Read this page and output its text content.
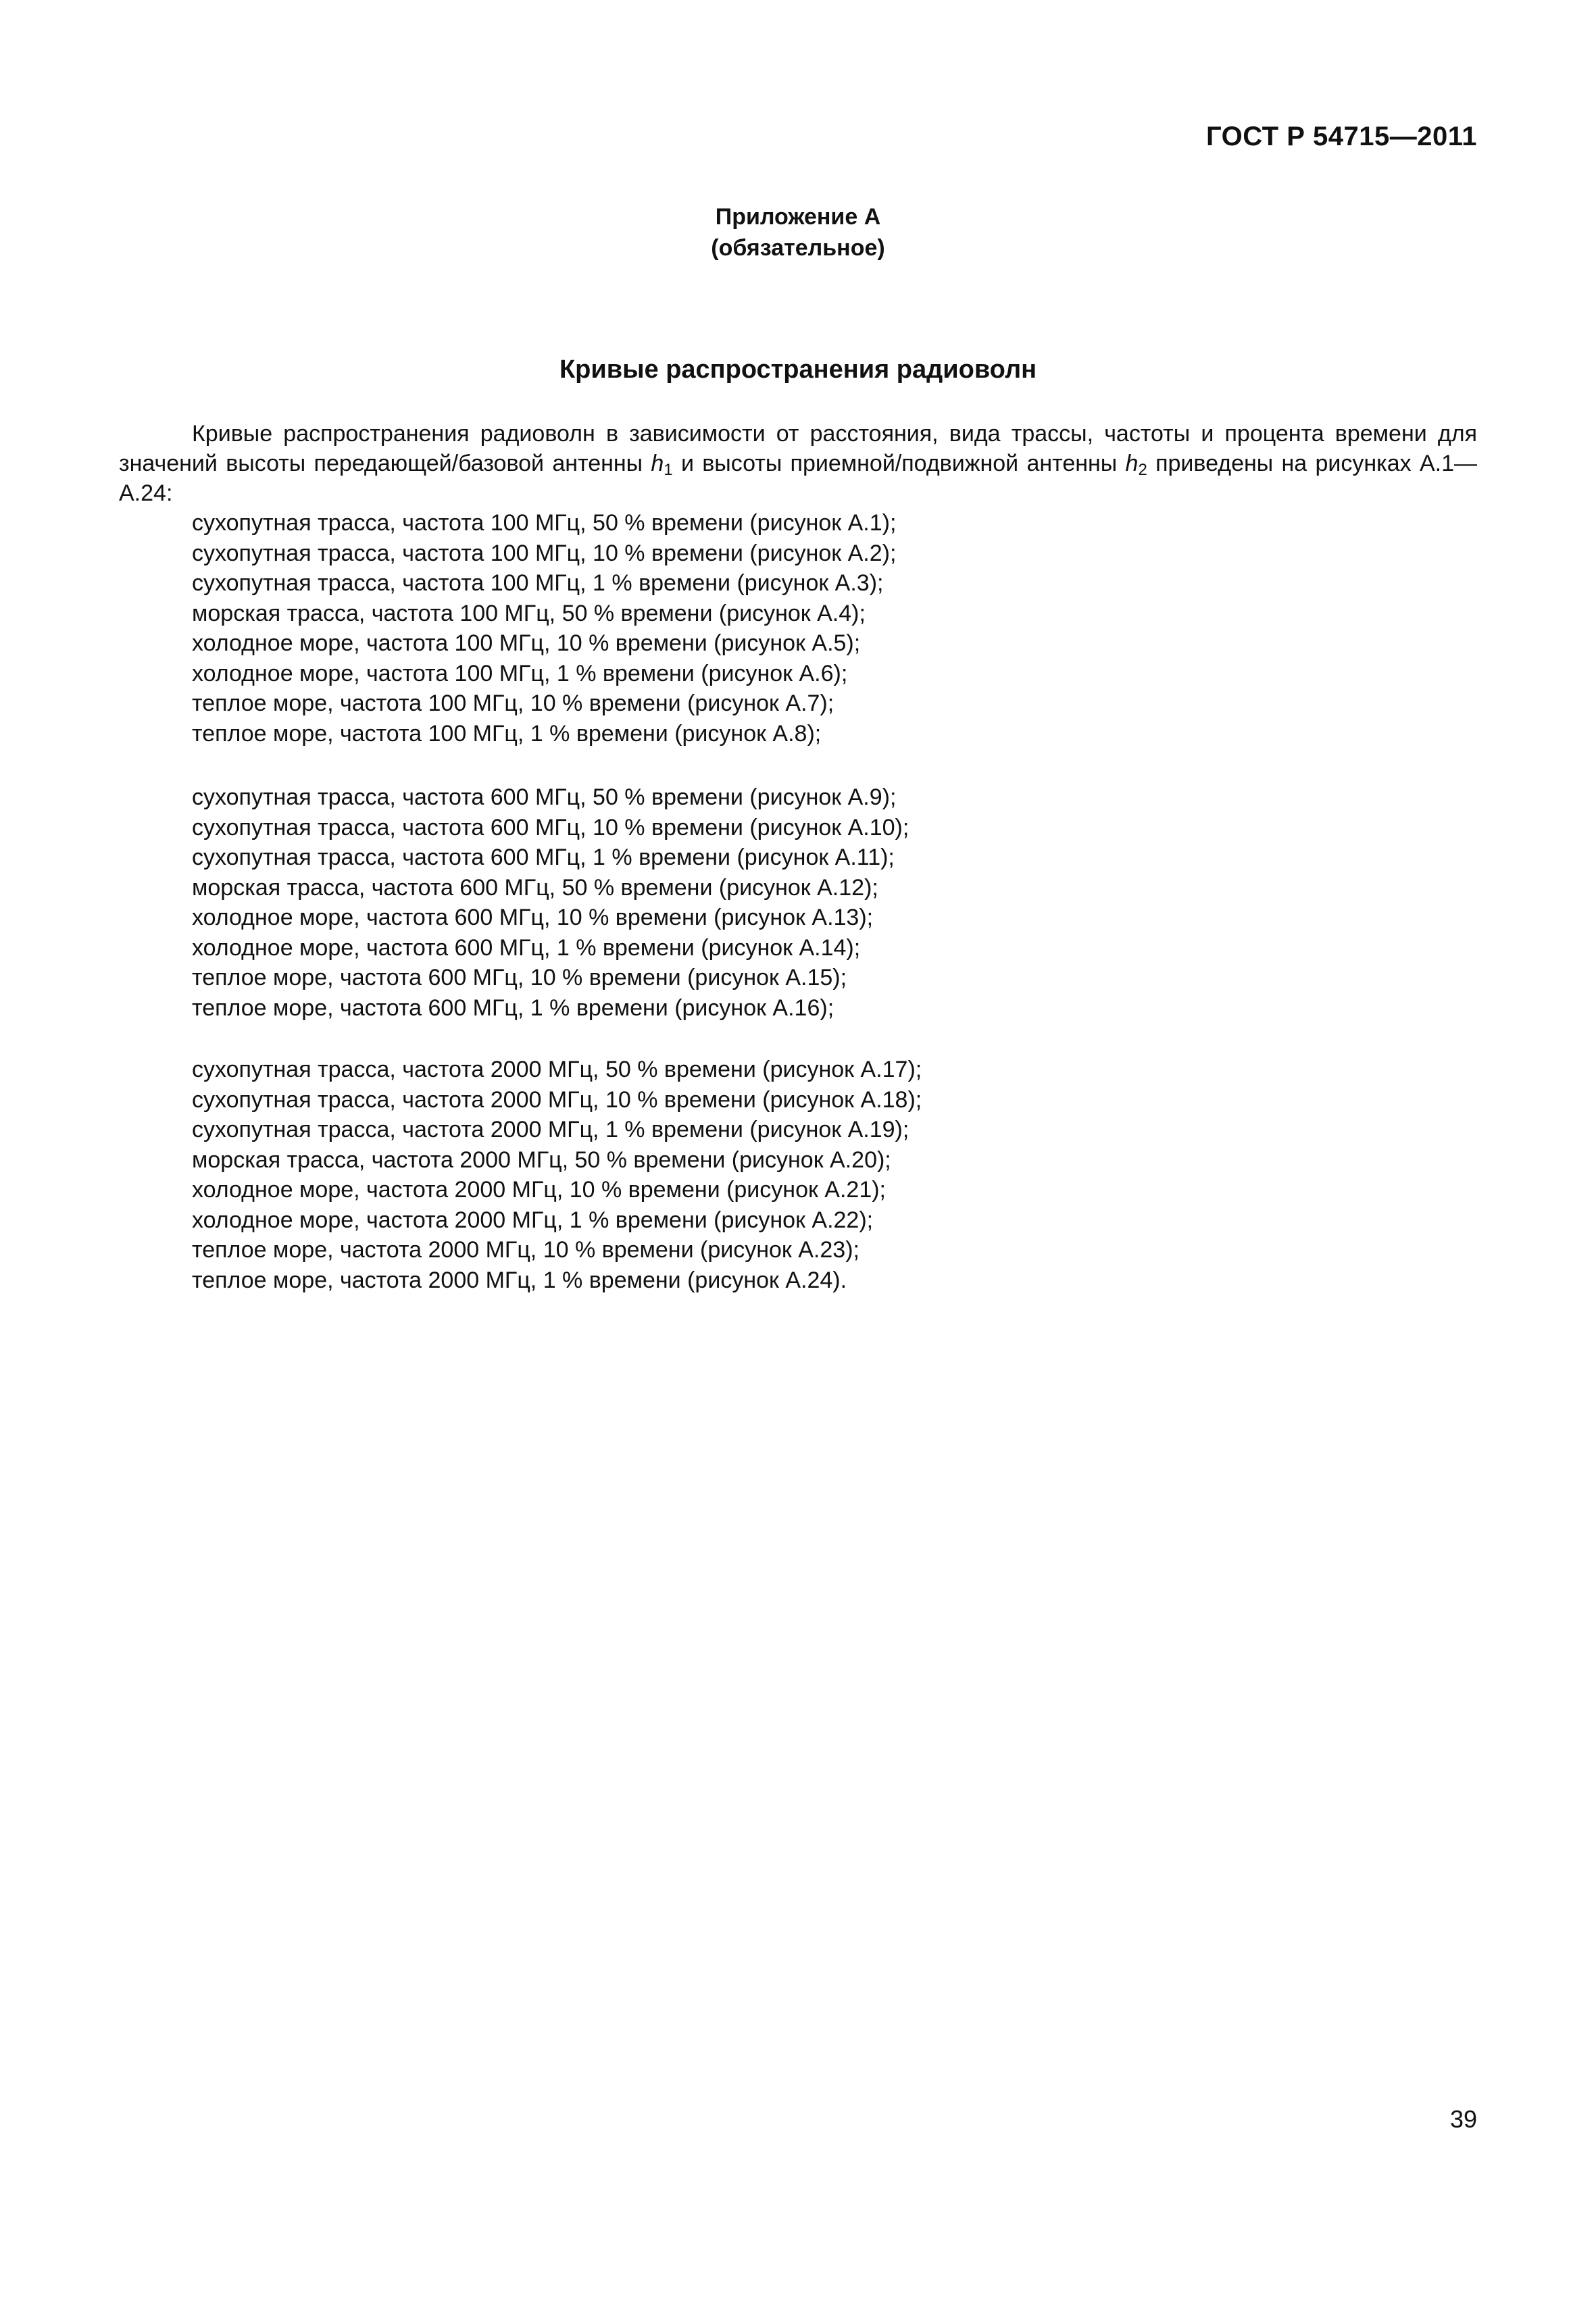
ГОСТ Р 54715—2011
Приложение А
(обязательное)
Кривые распространения радиоволн

Кривые распространения радиоволн в зависимости от расстояния, вида трассы, частоты и процента времени для значений высоты передающей/базовой антенны $h_1$ и высоты приемной/подвижной антенны $h_2$ приведены на рисунках А.1—А.24:

сухопутная трасса, частота 100 МГц, 50 % времени (рисунок А.1);
сухопутная трасса, частота 100 МГц, 10 % времени (рисунок А.2);
сухопутная трасса, частота 100 МГц, 1 % времени (рисунок А.3);
морская трасса, частота 100 МГц, 50 % времени (рисунок А.4);
холодное море, частота 100 МГц, 10 % времени (рисунок А.5);
холодное море, частота 100 МГц, 1 % времени (рисунок А.6);
теплое море, частота 100 МГц, 10 % времени (рисунок А.7);
теплое море, частота 100 МГц, 1 % времени (рисунок А.8);
сухопутная трасса, частота 600 МГц, 50 % времени (рисунок А.9);
сухопутная трасса, частота 600 МГц, 10 % времени (рисунок А.10);
сухопутная трасса, частота 600 МГц, 1 % времени (рисунок А.11);
морская трасса, частота 600 МГц, 50 % времени (рисунок А.12);
холодное море, частота 600 МГц, 10 % времени (рисунок А.13);
холодное море, частота 600 МГц, 1 % времени (рисунок А.14);
теплое море, частота 600 МГц, 10 % времени (рисунок А.15);
теплое море, частота 600 МГц, 1 % времени (рисунок А.16);
сухопутная трасса, частота 2000 МГц, 50 % времени (рисунок А.17);
сухопутная трасса, частота 2000 МГц, 10 % времени (рисунок А.18);
сухопутная трасса, частота 2000 МГц, 1 % времени (рисунок А.19);
морская трасса, частота 2000 МГц, 50 % времени (рисунок А.20);
холодное море, частота 2000 МГц, 10 % времени (рисунок А.21);
холодное море, частота 2000 МГц, 1 % времени (рисунок А.22);
теплое море, частота 2000 МГц, 10 % времени (рисунок А.23);
теплое море, частота 2000 МГц, 1 % времени (рисунок А.24).
39
